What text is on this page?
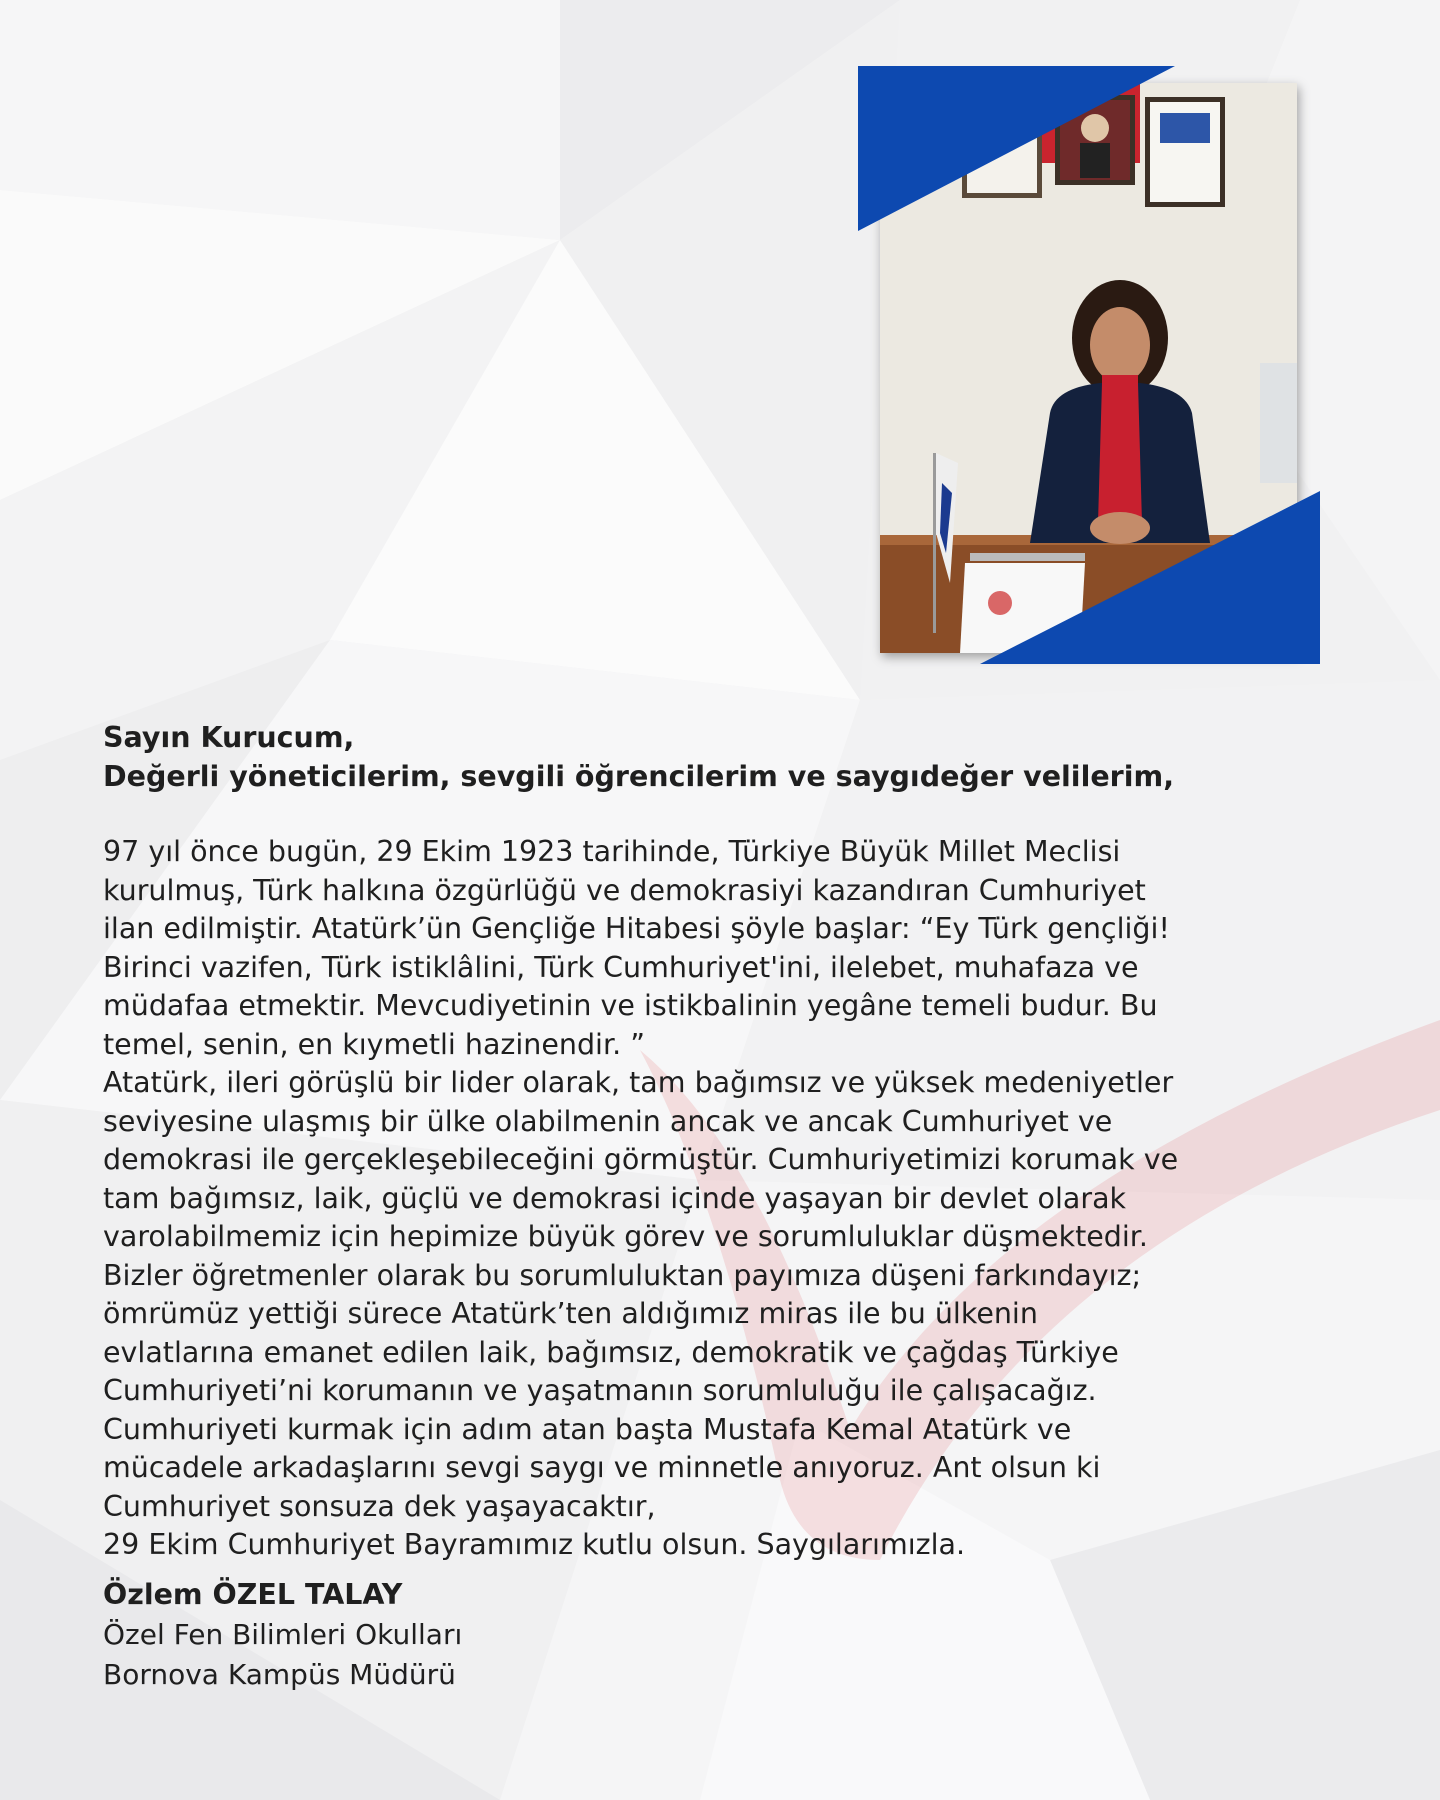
Sayın Kurucum,
Değerli yöneticilerim, sevgili öğrencilerim ve saygıdeğer velilerim,
97 yıl önce bugün, 29 Ekim 1923 tarihinde, Türkiye Büyük Millet Meclisi
kurulmuş, Türk halkına özgürlüğü ve demokrasiyi kazandıran Cumhuriyet
ilan edilmiştir. Atatürk’ün Gençliğe Hitabesi şöyle başlar: “Ey Türk gençliği!
Birinci vazifen, Türk istiklâlini, Türk Cumhuriyet'ini, ilelebet, muhafaza ve
müdafaa etmektir. Mevcudiyetinin ve istikbalinin yegâne temeli budur. Bu
temel, senin, en kıymetli hazinendir. ”
Atatürk, ileri görüşlü bir lider olarak, tam bağımsız ve yüksek medeniyetler
seviyesine ulaşmış bir ülke olabilmenin ancak ve ancak Cumhuriyet ve
demokrasi ile gerçekleşebileceğini görmüştür. Cumhuriyetimizi korumak ve
tam bağımsız, laik, güçlü ve demokrasi içinde yaşayan bir devlet olarak
varolabilmemiz için hepimize büyük görev ve sorumluluklar düşmektedir.
Bizler öğretmenler olarak bu sorumluluktan payımıza düşeni farkındayız;
ömrümüz yettiği sürece Atatürk’ten aldığımız miras ile bu ülkenin
evlatlarına emanet edilen laik, bağımsız, demokratik ve çağdaş Türkiye
Cumhuriyeti’ni korumanın ve yaşatmanın sorumluluğu ile çalışacağız.
Cumhuriyeti kurmak için adım atan başta Mustafa Kemal Atatürk ve
mücadele arkadaşlarını sevgi saygı ve minnetle anıyoruz. Ant olsun ki
Cumhuriyet sonsuza dek yaşayacaktır,
29 Ekim Cumhuriyet Bayramımız kutlu olsun. Saygılarımızla.
Özlem ÖZEL TALAY
Özel Fen Bilimleri Okulları
Bornova Kampüs Müdürü
